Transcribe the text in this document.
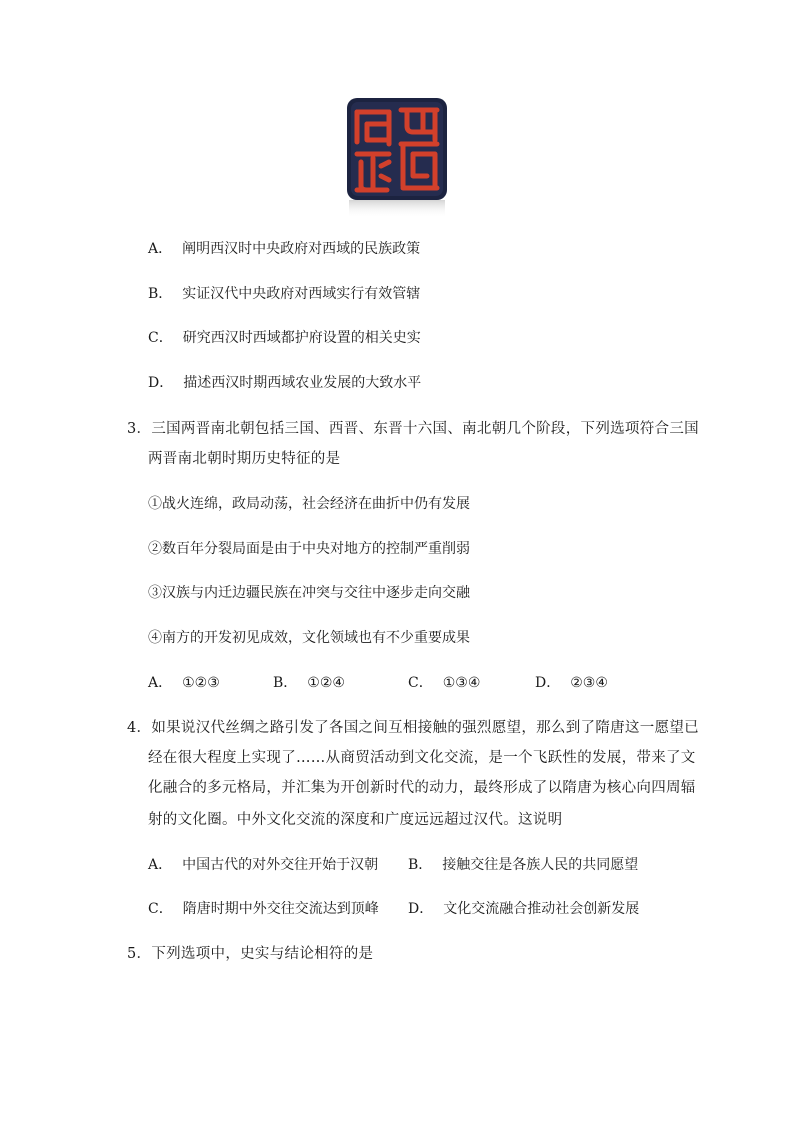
A． 阐明西汉时中央政府对西域的民族政策
B． 实证汉代中央政府对西域实行有效管辖
C． 研究西汉时西域都护府设置的相关史实
D． 描述西汉时期西域农业发展的大致水平
3．三国两晋南北朝包括三国、西晋、东晋十六国、南北朝几个阶段，下列选项符合三国
两晋南北朝时期历史特征的是
①战火连绵，政局动荡，社会经济在曲折中仍有发展
②数百年分裂局面是由于中央对地方的控制严重削弱
③汉族与内迁边疆民族在冲突与交往中逐步走向交融
④南方的开发初见成效，文化领域也有不少重要成果
A． ①②③	B． ①②④	C． ①③④	D． ②③④
4．如果说汉代丝绸之路引发了各国之间互相接触的强烈愿望，那么到了隋唐这一愿望已
经在很大程度上实现了……从商贸活动到文化交流，是一个飞跃性的发展，带来了文
化融合的多元格局，并汇集为开创新时代的动力，最终形成了以隋唐为核心向四周辐
射的文化圈。中外文化交流的深度和广度远远超过汉代。这说明
A． 中国古代的对外交往开始于汉朝 B． 接触交往是各族人民的共同愿望
C． 隋唐时期中外交往交流达到顶峰 D． 文化交流融合推动社会创新发展
5．下列选项中，史实与结论相符的是
